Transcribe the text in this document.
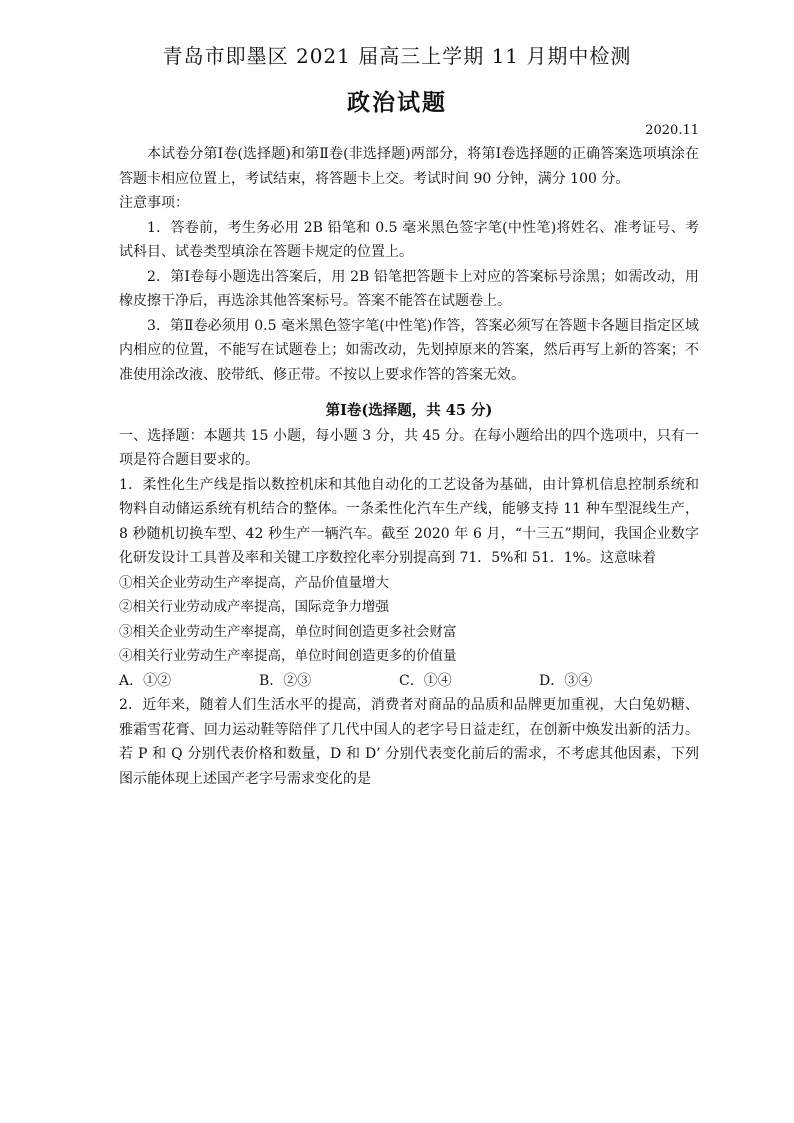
青岛市即墨区 2021 届高三上学期 11 月期中检测
政治试题
2020.11

本试卷分第Ⅰ卷(选择题)和第Ⅱ卷(非选择题)两部分，将第Ⅰ卷选择题的正确答案选项填涂在答题卡相应位置上，考试结束，将答题卡上交。考试时间 90 分钟，满分 100 分。

注意事项：

1．答卷前，考生务必用 2B 铅笔和 0.5 毫米黑色签字笔(中性笔)将姓名、准考证号、考试科目、试卷类型填涂在答题卡规定的位置上。

2．第Ⅰ卷每小题选出答案后，用 2B 铅笔把答题卡上对应的答案标号涂黑；如需改动，用橡皮擦干净后，再选涂其他答案标号。答案不能答在试题卷上。

3．第Ⅱ卷必须用 0.5 毫米黑色签字笔(中性笔)作答，答案必须写在答题卡各题目指定区域内相应的位置，不能写在试题卷上；如需改动，先划掉原来的答案，然后再写上新的答案；不准使用涂改液、胶带纸、修正带。不按以上要求作答的答案无效。

第Ⅰ卷(选择题，共 45 分)

一、选择题：本题共 15 小题，每小题 3 分，共 45 分。在每小题给出的四个选项中，只有一项是符合题目要求的。

1．柔性化生产线是指以数控机床和其他自动化的工艺设备为基础，由计算机信息控制系统和物料自动储运系统有机结合的整体。一条柔性化汽车生产线，能够支持 11 种车型混线生产，8 秒随机切换车型、42 秒生产一辆汽车。截至 2020 年 6 月，“十三五”期间，我国企业数字化研发设计工具普及率和关键工序数控化率分别提高到 71．5%和 51．1%。这意味着

①相关企业劳动生产率提高，产品价值量增大

②相关行业劳动成产率提高，国际竞争力增强

③相关企业劳动生产率提高，单位时间创造更多社会财富

④相关行业劳动生产率提高，单位时间创造更多的价值量

A．①②	B．②③	C．①④	D．③④

2．近年来，随着人们生活水平的提高，消费者对商品的品质和品牌更加重视，大白兔奶糖、雅霜雪花膏、回力运动鞋等陪伴了几代中国人的老字号日益走红，在创新中焕发出新的活力。若 P 和 Q 分别代表价格和数量，D 和 D’ 分别代表变化前后的需求，不考虑其他因素，下列图示能体现上述国产老字号需求变化的是
